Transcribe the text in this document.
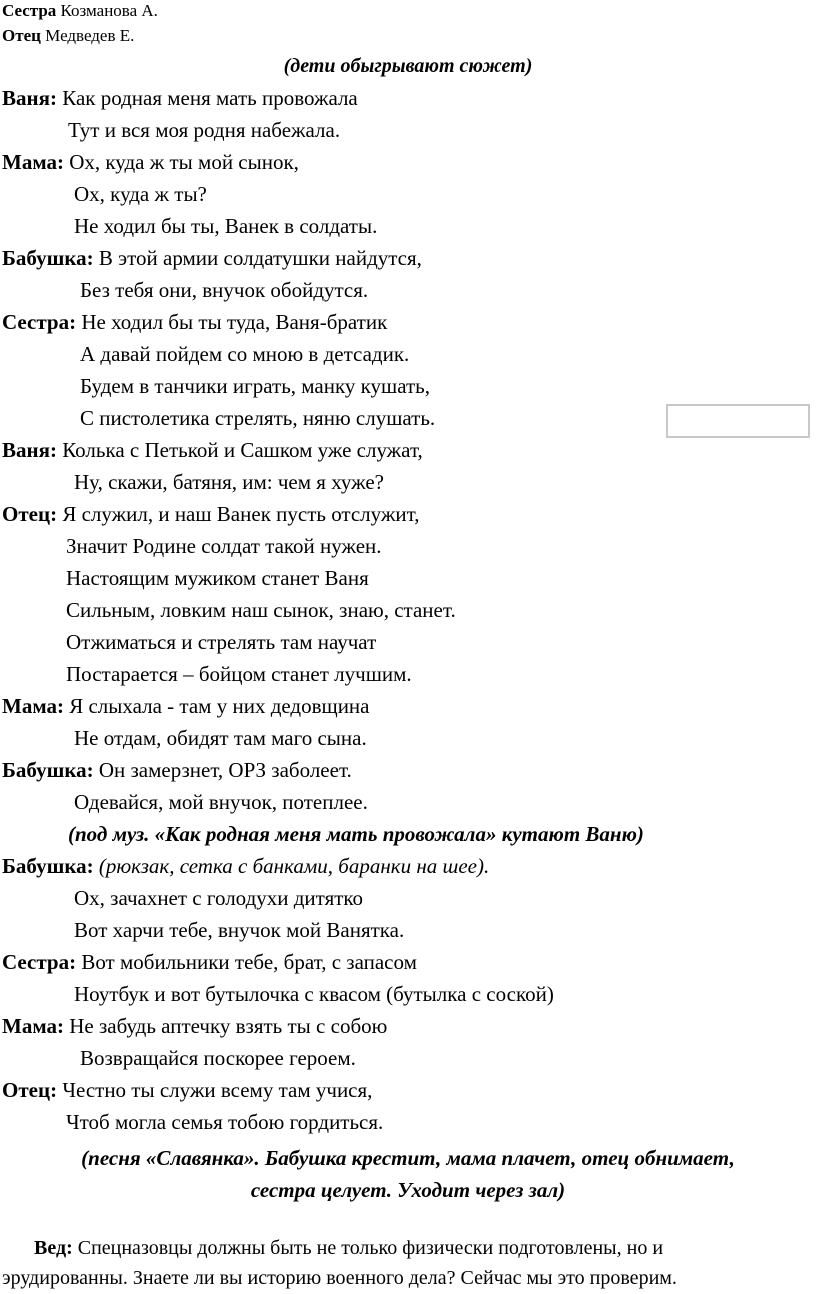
Сестра Козманова А.
Отец Медведев Е.
(дети обыгрывают сюжет)
Ваня: Как родная меня мать провожала
Тут и вся моя родня набежала.
Мама: Ох, куда ж ты мой сынок,
Ох, куда ж ты?
Не ходил бы ты, Ванек в солдаты.
Бабушка: В этой армии солдатушки найдутся,
Без тебя они, внучок обойдутся.
Сестра: Не ходил бы ты туда, Ваня-братик
А давай пойдем со мною в детсадик.
Будем в танчики играть, манку кушать,
С пистолетика стрелять, няню слушать.
Ваня: Колька с Петькой и Сашком уже служат,
Ну, скажи, батяня, им: чем я хуже?
Отец: Я служил, и наш Ванек пусть отслужит,
Значит Родине солдат такой нужен.
Настоящим мужиком станет Ваня
Сильным, ловким наш сынок, знаю, станет.
Отжиматься и стрелять там научат
Постарается – бойцом станет лучшим.
Мама: Я слыхала - там у них дедовщина
Не отдам, обидят там маго сына.
Бабушка: Он замерзнет, ОРЗ заболеет.
Одевайся, мой внучок, потеплее.
(под муз. «Как родная меня мать провожала» кутают Ваню)
Бабушка: (рюкзак, сетка с банками, баранки на шее).
Ох, зачахнет с голодухи дитятко
Вот харчи тебе, внучок мой Ванятка.
Сестра: Вот мобильники тебе, брат, с запасом
Ноутбук и вот бутылочка с квасом (бутылка с соской)
Мама: Не забудь аптечку взять ты с собою
Возвращайся поскорее героем.
Отец: Честно ты служи всему там учися,
Чтоб могла семья тобою гордиться.
(песня «Славянка». Бабушка крестит, мама плачет, отец обнимает,
сестра целует. Уходит через зал)
Вед: Спецназовцы должны быть не только физически подготовлены, но и
эрудированны. Знаете ли вы историю военного дела? Сейчас мы это проверим.
